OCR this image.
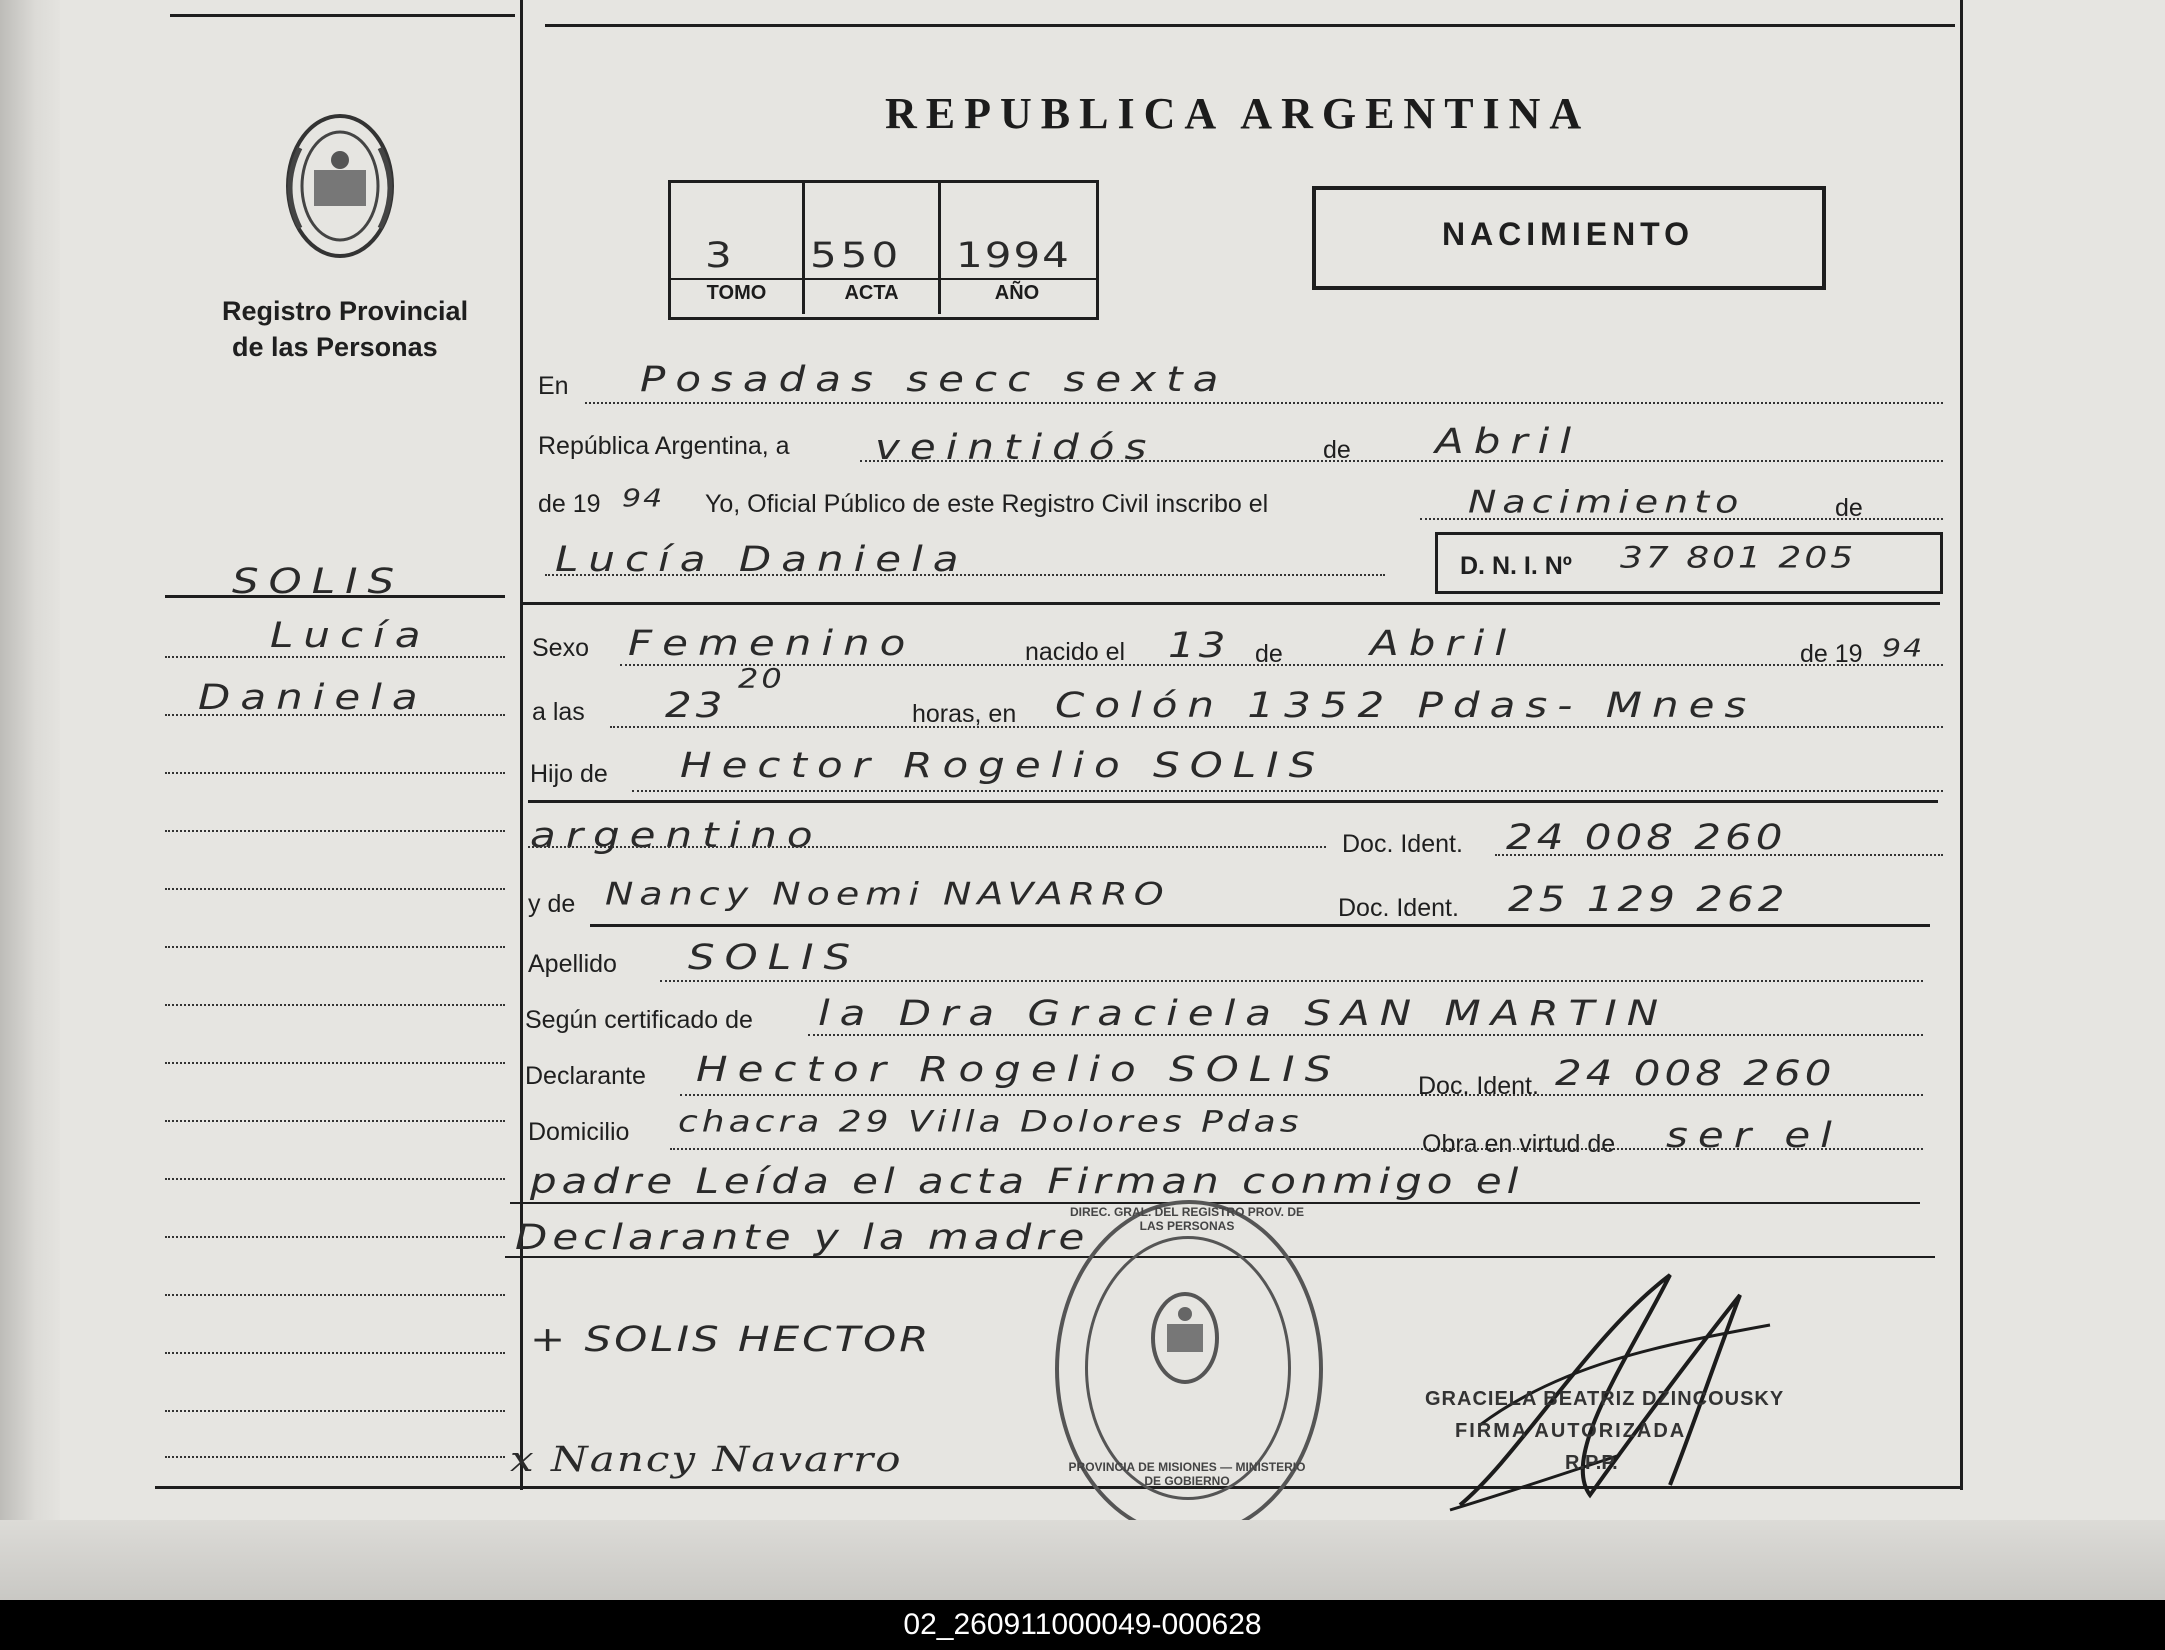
Registro Provincial
de las Personas
SOLIS
Lucía
Daniela
REPUBLICA ARGENTINA
3 550 1994
TOMO	ACTA	AÑO
NACIMIENTO
En Posadas secc sexta
República Argentina, a veintidós	de Abril
de 19 94 Yo, Oficial Público de este Registro Civil inscribo el	Nacimiento	de
Lucía Daniela	D. N. I. Nº 37 801 205
Sexo Femenino	nacido el 13 de Abril	de 19 94
a las 23
20
horas, en Colón 1352 Pdas- Mnes
Hijo de Hector Rogelio SOLIS
argentino	Doc. Ident. 24 008 260
y de Nancy Noemi NAVARRO	Doc. Ident. 25 129 262
Apellido SOLIS
Según certificado de la Dra Graciela SAN MARTIN
Declarante Hector Rogelio SOLIS	Doc. Ident. 24 008 260
Domicilio chacra 29 Villa Dolores Pdas
Obra en virtud de ser el
padre Leída el acta Firman conmigo el
Declarante y la madre
+ SOLIS HECTOR
x Nancy Navarro
DIREC. GRAL. DEL REGISTRO PROV. DE LAS PERSONAS
PROVINCIA DE MISIONES — MINISTERIO DE GOBIERNO
GRACIELA BEATRIZ DZINCOUSKY
FIRMA AUTORIZADA
R.P.P.
02_260911000049-000628
